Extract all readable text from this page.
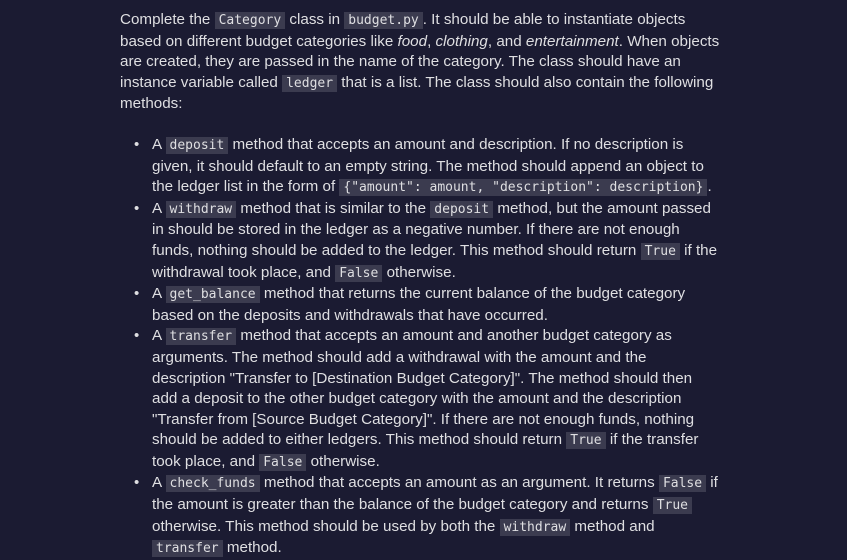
Complete the Category class in budget.py . It should be able to instantiate objects based on different budget categories like food, clothing, and entertainment. When objects are created, they are passed in the name of the category. The class should have an instance variable called ledger that is a list. The class should also contain the following methods:

• A deposit method that accepts an amount and description. If no description is given, it should default to an empty string. The method should append an object to the ledger list in the form of {"amount": amount, "description": description} .
• A withdraw method that is similar to the deposit method, but the amount passed in should be stored in the ledger as a negative number. If there are not enough funds, nothing should be added to the ledger. This method should return True if the withdrawal took place, and False otherwise.
• A get_balance method that returns the current balance of the budget category based on the deposits and withdrawals that have occurred.
• A transfer method that accepts an amount and another budget category as arguments. The method should add a withdrawal with the amount and the description "Transfer to [Destination Budget Category]". The method should then add a deposit to the other budget category with the amount and the description "Transfer from [Source Budget Category]". If there are not enough funds, nothing should be added to either ledgers. This method should return True if the transfer took place, and False otherwise.
• A check_funds method that accepts an amount as an argument. It returns False if the amount is greater than the balance of the budget category and returns True otherwise. This method should be used by both the withdraw method and transfer method.
